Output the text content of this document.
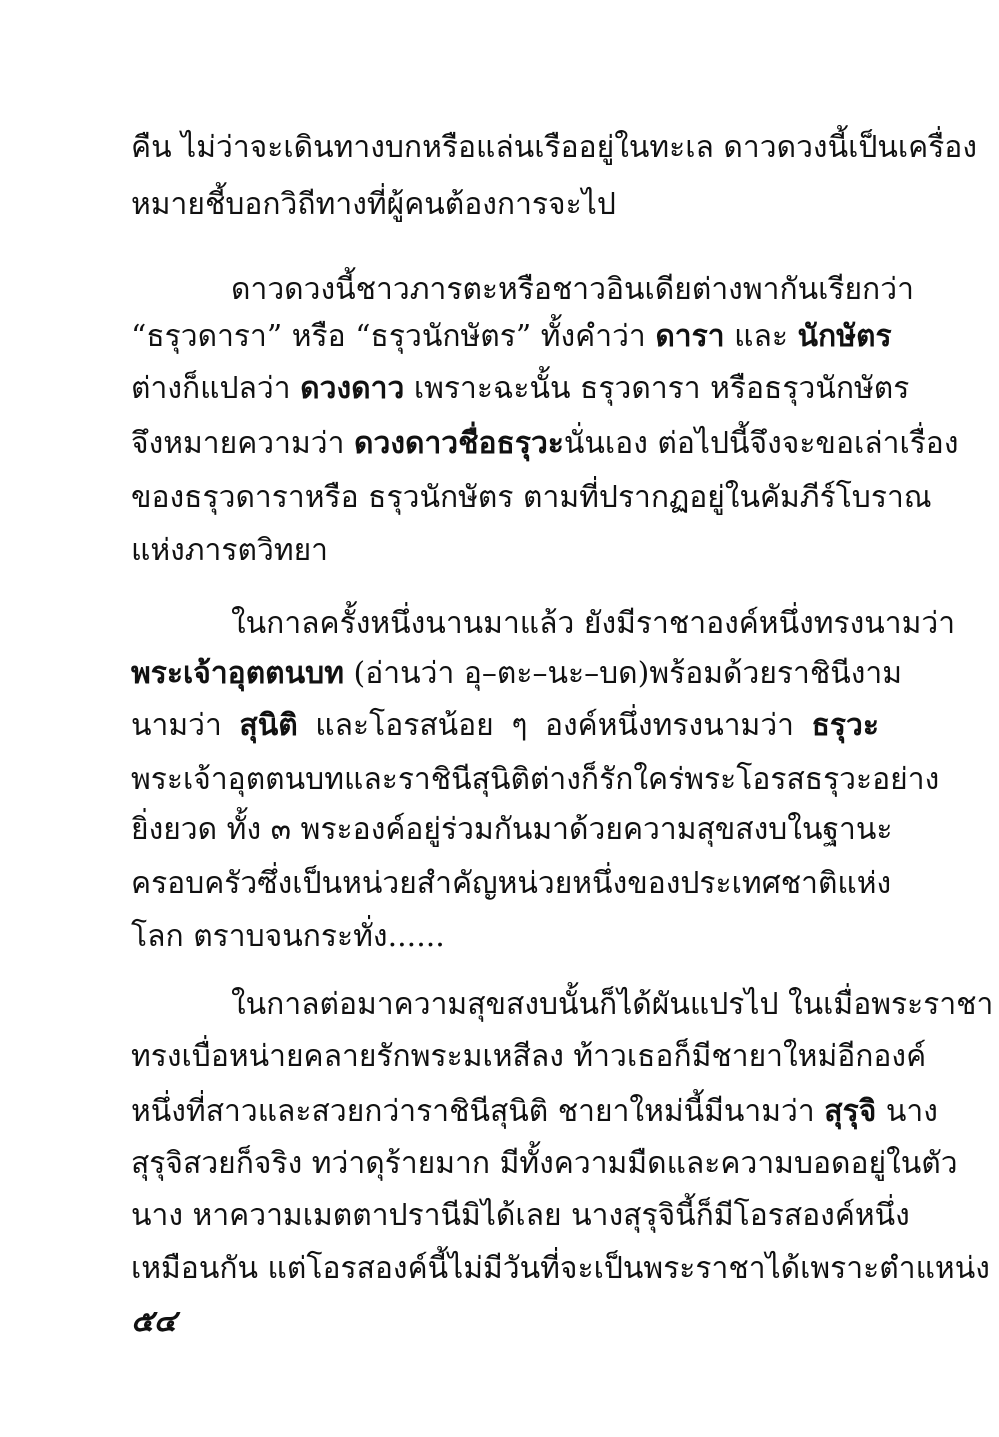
คืน ไม่ว่าจะเดินทางบกหรือแล่นเรืออยู่ในทะเล ดาวดวงนี้เป็นเครื่อง
หมายชี้บอกวิถีทางที่ผู้คนต้องการจะไป
ดาวดวงนี้ชาวภารตะหรือชาวอินเดียต่างพากันเรียกว่า
“ธรุวดารา” หรือ “ธรุวนักษัตร” ทั้งคำว่า ดารา และ นักษัตร
ต่างก็แปลว่า ดวงดาว เพราะฉะนั้น ธรุวดารา หรือธรุวนักษัตร
จึงหมายความว่า ดวงดาวชื่อธรุวะนั่นเอง ต่อไปนี้จึงจะขอเล่าเรื่อง
ของธรุวดาราหรือ ธรุวนักษัตร ตามที่ปรากฏอยู่ในคัมภีร์โบราณ
แห่งภารตวิทยา
ในกาลครั้งหนึ่งนานมาแล้ว ยังมีราชาองค์หนึ่งทรงนามว่า
พระเจ้าอุตตนบท (อ่านว่า อุ–ตะ–นะ–บด)พร้อมด้วยราชินีงาม
นามว่า สุนิติ และโอรสน้อย ๆ องค์หนึ่งทรงนามว่า ธรุวะ
พระเจ้าอุตตนบทและราชินีสุนิติต่างก็รักใคร่พระโอรสธรุวะอย่าง
ยิ่งยวด ทั้ง ๓ พระองค์อยู่ร่วมกันมาด้วยความสุขสงบในฐานะ
ครอบครัวซึ่งเป็นหน่วยสำคัญหน่วยหนึ่งของประเทศชาติแห่ง
โลก ตราบจนกระทั่ง......
ในกาลต่อมาความสุขสงบนั้นก็ได้ผันแปรไป ในเมื่อพระราชา
ทรงเบื่อหน่ายคลายรักพระมเหสีลง ท้าวเธอก็มีชายาใหม่อีกองค์
หนึ่งที่สาวและสวยกว่าราชินีสุนิติ ชายาใหม่นี้มีนามว่า สุรุจิ นาง
สุรุจิสวยก็จริง ทว่าดุร้ายมาก มีทั้งความมืดและความบอดอยู่ในตัว
นาง หาความเมตตาปรานีมิได้เลย นางสุรุจินี้ก็มีโอรสองค์หนึ่ง
เหมือนกัน แต่โอรสองค์นี้ไม่มีวันที่จะเป็นพระราชาได้เพราะตำแหน่ง
๕๔
